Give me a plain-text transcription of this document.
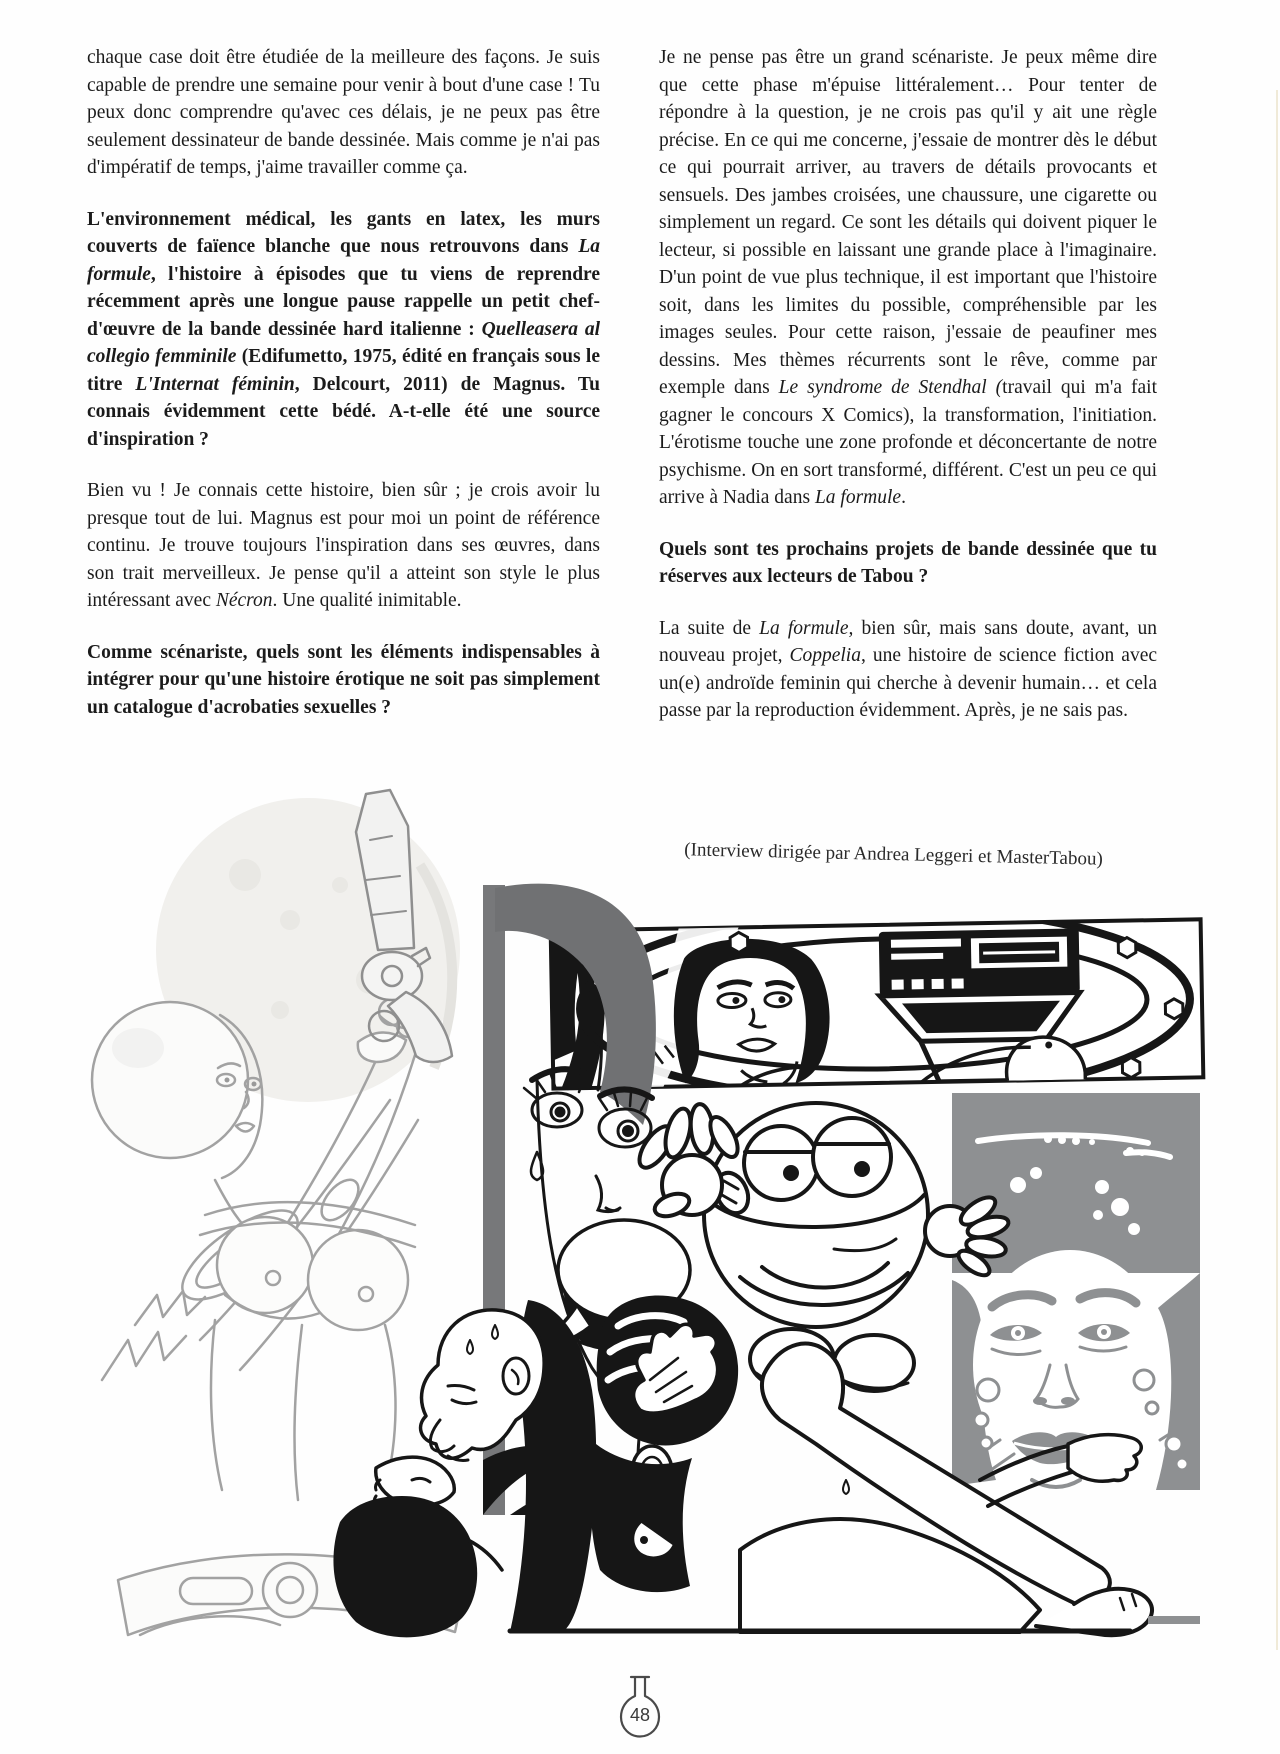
chaque case doit être étudiée de la meilleure des façons. Je suis capable de prendre une semaine pour venir à bout d'une case ! Tu peux donc comprendre qu'avec ces délais, je ne peux pas être seulement dessinateur de bande dessinée. Mais comme je n'ai pas d'impératif de temps, j'aime travailler comme ça.

L'environnement médical, les gants en latex, les murs couverts de faïence blanche que nous retrouvons dans La formule, l'histoire à épisodes que tu viens de reprendre récemment après une longue pause rappelle un petit chef-d'œuvre de la bande dessinée hard italienne : Quelleasera al collegio femminile (Edifumetto, 1975, édité en français sous le titre L'Internat féminin, Delcourt, 2011) de Magnus. Tu connais évidemment cette bédé. A-t-elle été une source d'inspiration ?

Bien vu ! Je connais cette histoire, bien sûr ; je crois avoir lu presque tout de lui. Magnus est pour moi un point de référence continu. Je trouve toujours l'inspiration dans ses œuvres, dans son trait merveilleux. Je pense qu'il a atteint son style le plus intéressant avec Nécron. Une qualité inimitable.

Comme scénariste, quels sont les éléments indispensables à intégrer pour qu'une histoire érotique ne soit pas simplement un catalogue d'acrobaties sexuelles ?

Je ne pense pas être un grand scénariste. Je peux même dire que cette phase m'épuise littéralement… Pour tenter de répondre à la question, je ne crois pas qu'il y ait une règle précise. En ce qui me concerne, j'essaie de montrer dès le début ce qui pourrait arriver, au travers de détails provocants et sensuels. Des jambes croisées, une chaussure, une cigarette ou simplement un regard. Ce sont les détails qui doivent piquer le lecteur, si possible en laissant une grande place à l'imaginaire. D'un point de vue plus technique, il est important que l'histoire soit, dans les limites du possible, compréhensible par les images seules. Pour cette raison, j'essaie de peaufiner mes dessins. Mes thèmes récurrents sont le rêve, comme par exemple dans Le syndrome de Stendhal (travail qui m'a fait gagner le concours X Comics), la transformation, l'initiation. L'érotisme touche une zone profonde et déconcertante de notre psychisme. On en sort transformé, différent. C'est un peu ce qui arrive à Nadia dans La formule.

Quels sont tes prochains projets de bande dessinée que tu réserves aux lecteurs de Tabou ?

La suite de La formule, bien sûr, mais sans doute, avant, un nouveau projet, Coppelia, une histoire de science fiction avec un(e) androïde feminin qui cherche à devenir humain… et cela passe par la reproduction évidemment. Après, je ne sais pas.

(Interview dirigée par Andrea Leggeri et MasterTabou)
48
